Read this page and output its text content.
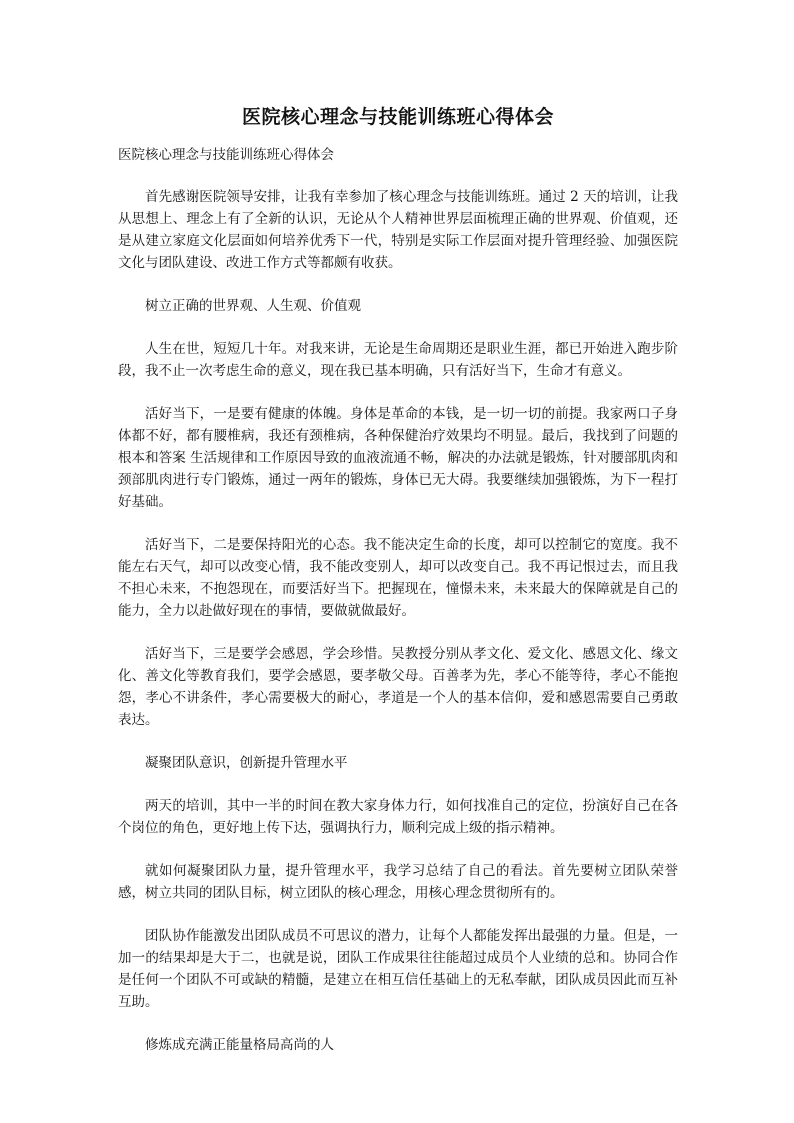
医院核心理念与技能训练班心得体会

医院核心理念与技能训练班心得体会

首先感谢医院领导安排，让我有幸参加了核心理念与技能训练班。通过 2 天的培训，让我从思想上、理念上有了全新的认识，无论从个人精神世界层面梳理正确的世界观、价值观，还是从建立家庭文化层面如何培养优秀下一代，特别是实际工作层面对提升管理经验、加强医院文化与团队建设、改进工作方式等都颇有收获。

树立正确的世界观、人生观、价值观

人生在世，短短几十年。对我来讲，无论是生命周期还是职业生涯，都已开始进入跑步阶段，我不止一次考虑生命的意义，现在我已基本明确，只有活好当下，生命才有意义。

活好当下，一是要有健康的体魄。身体是革命的本钱，是一切一切的前提。我家两口子身体都不好，都有腰椎病，我还有颈椎病，各种保健治疗效果均不明显。最后，我找到了问题的根本和答案 生活规律和工作原因导致的血液流通不畅，解决的办法就是锻炼，针对腰部肌肉和颈部肌肉进行专门锻炼，通过一两年的锻炼，身体已无大碍。我要继续加强锻炼，为下一程打好基础。

活好当下，二是要保持阳光的心态。我不能决定生命的长度，却可以控制它的宽度。我不能左右天气，却可以改变心情，我不能改变别人，却可以改变自己。我不再记恨过去，而且我不担心未来，不抱怨现在，而要活好当下。把握现在，憧憬未来，未来最大的保障就是自己的能力，全力以赴做好现在的事情，要做就做最好。

活好当下，三是要学会感恩，学会珍惜。吴教授分别从孝文化、爱文化、感恩文化、缘文化、善文化等教育我们，要学会感恩，要孝敬父母。百善孝为先，孝心不能等待，孝心不能抱怨，孝心不讲条件，孝心需要极大的耐心，孝道是一个人的基本信仰，爱和感恩需要自己勇敢表达。

凝聚团队意识，创新提升管理水平

两天的培训，其中一半的时间在教大家身体力行，如何找准自己的定位，扮演好自己在各个岗位的角色，更好地上传下达，强调执行力，顺利完成上级的指示精神。

就如何凝聚团队力量，提升管理水平，我学习总结了自己的看法。首先要树立团队荣誉感，树立共同的团队目标，树立团队的核心理念，用核心理念贯彻所有的。

团队协作能激发出团队成员不可思议的潜力，让每个人都能发挥出最强的力量。但是，一加一的结果却是大于二，也就是说，团队工作成果往往能超过成员个人业绩的总和。协同合作是任何一个团队不可或缺的精髓，是建立在相互信任基础上的无私奉献，团队成员因此而互补互助。

修炼成充满正能量格局高尚的人
